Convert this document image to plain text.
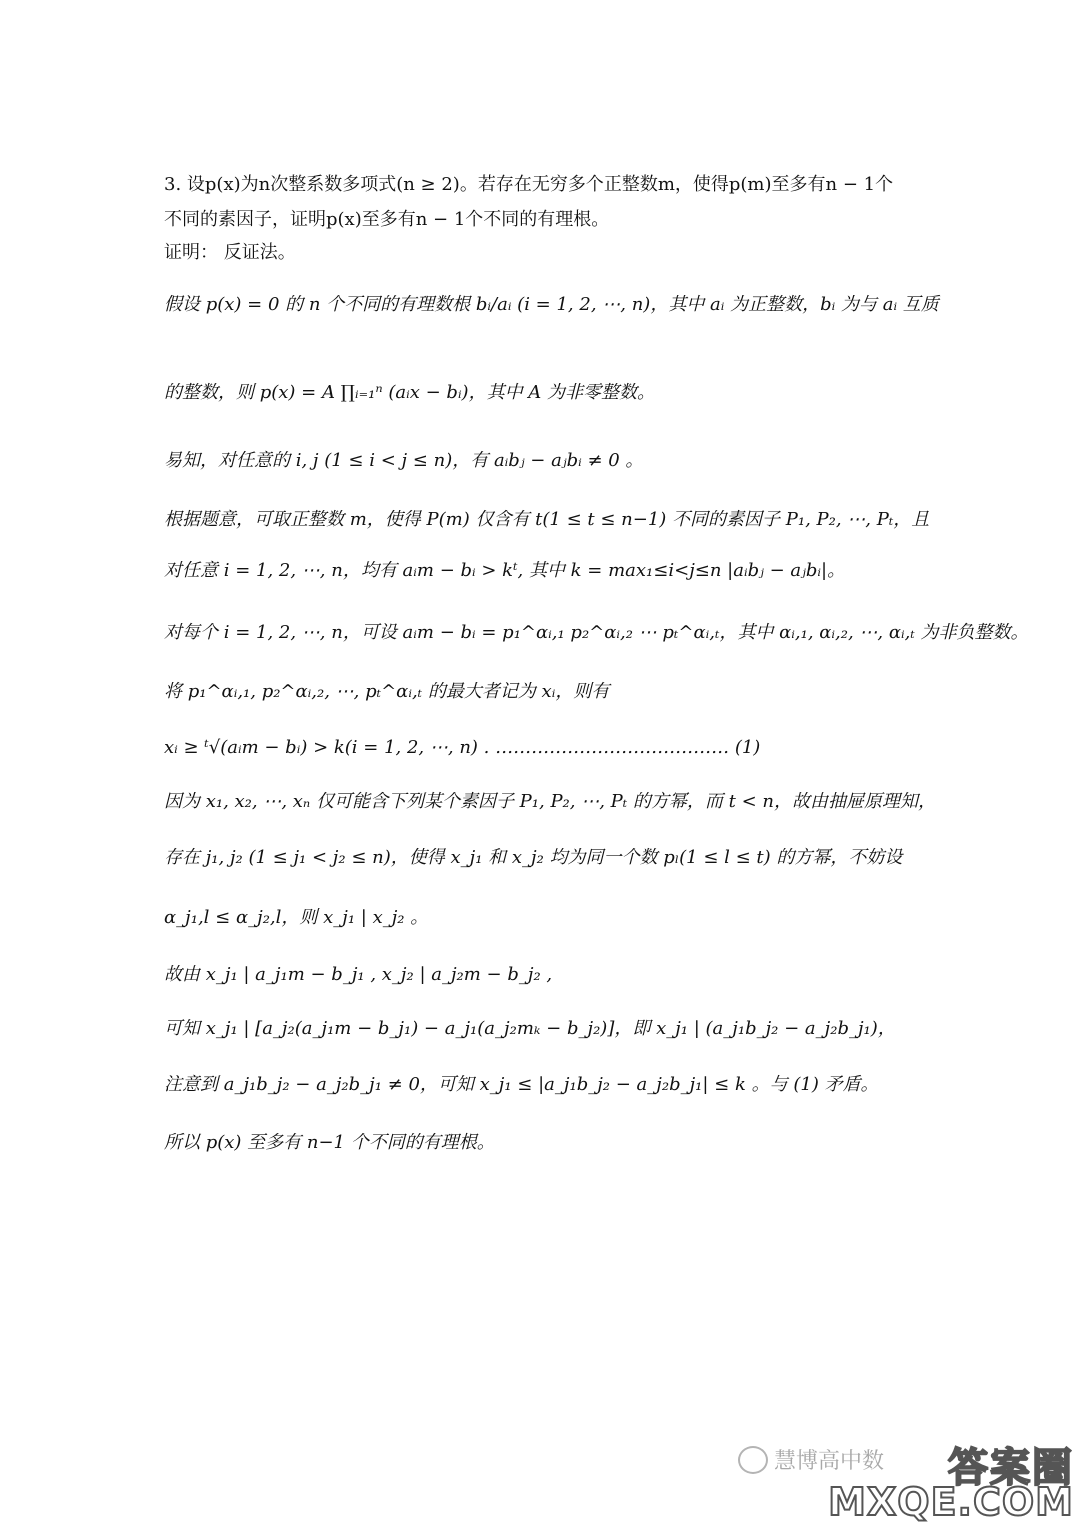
3. 设p(x)为n次整系数多项式(n ≥ 2)。若存在无穷多个正整数m，使得p(m)至多有n − 1个
不同的素因子，证明p(x)至多有n − 1个不同的有理根。
证明： 反证法。
假设 p(x) = 0 的 n 个不同的有理数根 bᵢ/aᵢ (i = 1, 2, ⋯, n)，其中 aᵢ 为正整数，bᵢ 为与 aᵢ 互质
的整数，则 p(x) = A ∏ᵢ₌₁ⁿ (aᵢx − bᵢ)，其中 A 为非零整数。
易知，对任意的 i, j (1 ≤ i < j ≤ n)，有 aᵢbⱼ − aⱼbᵢ ≠ 0 。
根据题意，可取正整数 m，使得 P(m) 仅含有 t(1 ≤ t ≤ n−1) 不同的素因子 P₁, P₂, ⋯, Pₜ，且
对任意 i = 1, 2, ⋯, n，均有 aᵢm − bᵢ > kᵗ, 其中 k = max₁≤i<j≤n |aᵢbⱼ − aⱼbᵢ|。
对每个 i = 1, 2, ⋯, n，可设 aᵢm − bᵢ = p₁^αᵢ,₁ p₂^αᵢ,₂ ⋯ pₜ^αᵢ,ₜ，其中 αᵢ,₁, αᵢ,₂, ⋯, αᵢ,ₜ 为非负整数。
将 p₁^αᵢ,₁, p₂^αᵢ,₂, ⋯, pₜ^αᵢ,ₜ 的最大者记为 xᵢ，则有
xᵢ ≥ ᵗ√(aᵢm − bᵢ) > k(i = 1, 2, ⋯, n) . ………………………………… (1)
因为 x₁, x₂, ⋯, xₙ 仅可能含下列某个素因子 P₁, P₂, ⋯, Pₜ 的方幂，而 t < n，故由抽屉原理知，
存在 j₁, j₂ (1 ≤ j₁ < j₂ ≤ n)，使得 x_j₁ 和 x_j₂ 均为同一个数 pₗ(1 ≤ l ≤ t) 的方幂，不妨设
α_j₁,l ≤ α_j₂,l，则 x_j₁ | x_j₂ 。
故由 x_j₁ | a_j₁m − b_j₁ , x_j₂ | a_j₂m − b_j₂ ,
可知 x_j₁ | [a_j₂(a_j₁m − b_j₁) − a_j₁(a_j₂mₖ − b_j₂)]，即 x_j₁ | (a_j₁b_j₂ − a_j₂b_j₁)，
注意到 a_j₁b_j₂ − a_j₂b_j₁ ≠ 0，可知 x_j₁ ≤ |a_j₁b_j₂ − a_j₂b_j₁| ≤ k 。与 (1) 矛盾。
所以 p(x) 至多有 n−1 个不同的有理根。
慧博高中数 答案圈
MXQE.COM
